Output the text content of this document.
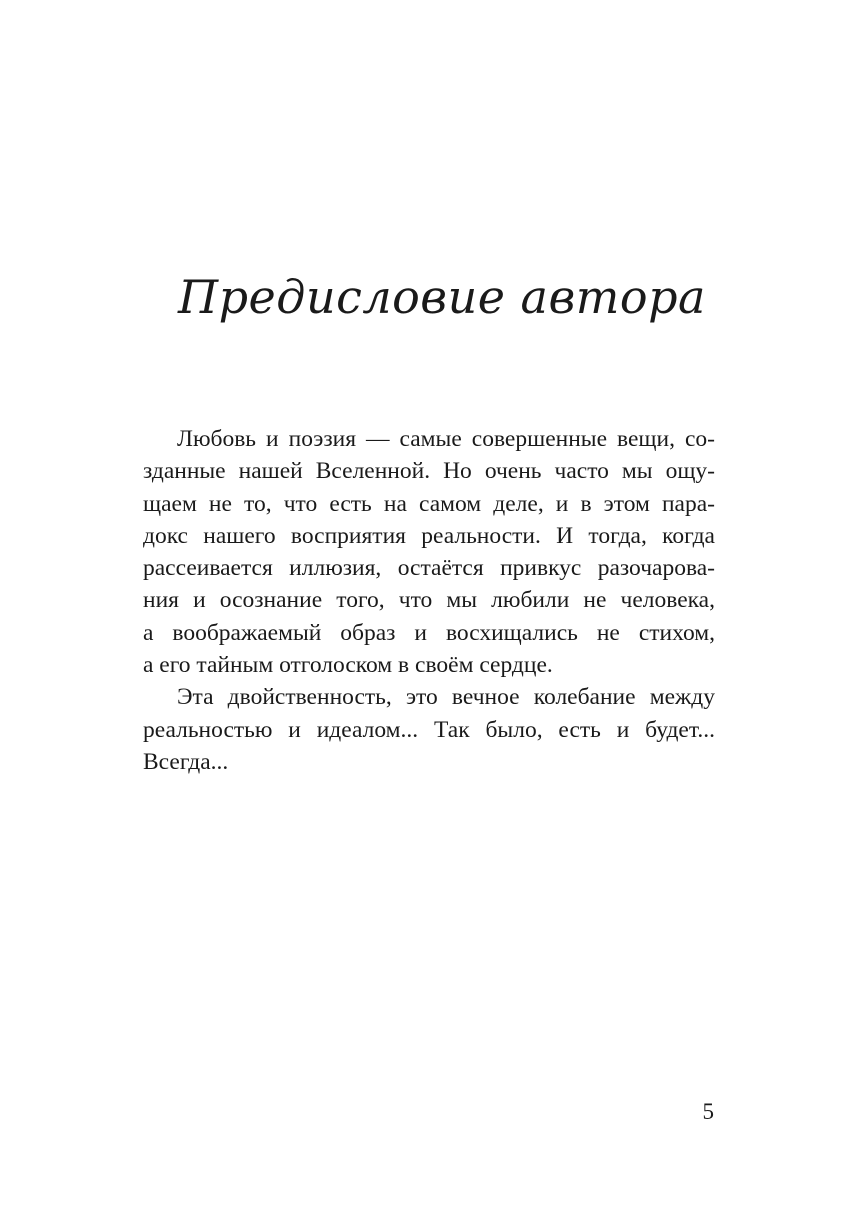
Предисловие автора
Любовь и поэзия — самые совершенные вещи, со-
зданные нашей Вселенной. Но очень часто мы ощу-
щаем не то, что есть на самом деле, и в этом пара-
докс нашего восприятия реальности. И тогда, когда
рассеивается иллюзия, остаётся привкус разочарова-
ния и осознание того, что мы любили не человека,
а воображаемый образ и восхищались не стихом,
а его тайным отголоском в своём сердце.
Эта двойственность, это вечное колебание между
реальностью и идеалом... Так было, есть и будет...
Всегда...
5
